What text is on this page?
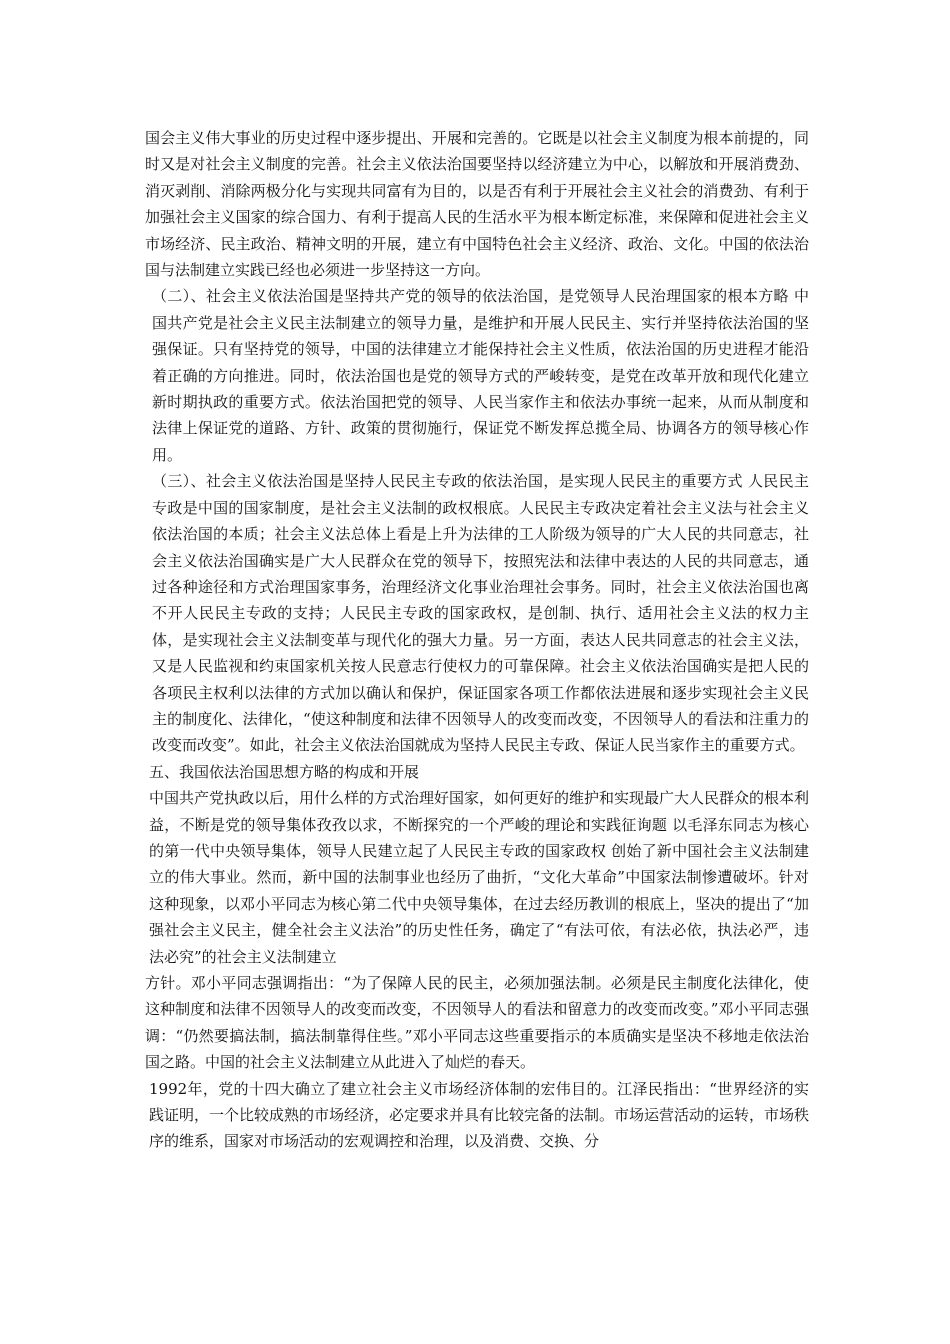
国会主义伟大事业的历史过程中逐步提出、开展和完善的。它既是以社会主义制度为根本前提的，同时又是对社会主义制度的完善。社会主义依法治国要坚持以经济建立为中心，以解放和开展消费劲、消灭剥削、消除两极分化与实现共同富有为目的，以是否有利于开展社会主义社会的消费劲、有利于加强社会主义国家的综合国力、有利于提高人民的生活水平为根本断定标准，来保障和促进社会主义市场经济、民主政治、精神文明的开展，建立有中国特色社会主义经济、政治、文化。中国的依法治国与法制建立实践已经也必须进一步坚持这一方向。

（二）、社会主义依法治国是坚持共产党的领导的依法治国，是党领导人民治理国家的根本方略 中国共产党是社会主义民主法制建立的领导力量，是维护和开展人民民主、实行并坚持依法治国的坚强保证。只有坚持党的领导，中国的法律建立才能保持社会主义性质，依法治国的历史进程才能沿着正确的方向推进。同时，依法治国也是党的领导方式的严峻转变，是党在改革开放和现代化建立新时期执政的重要方式。依法治国把党的领导、人民当家作主和依法办事统一起来，从而从制度和法律上保证党的道路、方针、政策的贯彻施行，保证党不断发挥总揽全局、协调各方的领导核心作用。

（三）、社会主义依法治国是坚持人民民主专政的依法治国，是实现人民民主的重要方式 人民民主专政是中国的国家制度，是社会主义法制的政权根底。人民民主专政决定着社会主义法与社会主义依法治国的本质；社会主义法总体上看是上升为法律的工人阶级为领导的广大人民的共同意志，社会主义依法治国确实是广大人民群众在党的领导下，按照宪法和法律中表达的人民的共同意志，通过各种途径和方式治理国家事务，治理经济文化事业治理社会事务。同时，社会主义依法治国也离不开人民民主专政的支持；人民民主专政的国家政权，是创制、执行、适用社会主义法的权力主体，是实现社会主义法制变革与现代化的强大力量。另一方面，表达人民共同意志的社会主义法，又是人民监视和约束国家机关按人民意志行使权力的可靠保障。社会主义依法治国确实是把人民的各项民主权利以法律的方式加以确认和保护，保证国家各项工作都依法进展和逐步实现社会主义民主的制度化、法律化，“使这种制度和法律不因领导人的改变而改变，不因领导人的看法和注重力的改变而改变”。如此，社会主义依法治国就成为坚持人民民主专政、保证人民当家作主的重要方式。

五、我国依法治国思想方略的构成和开展

中国共产党执政以后，用什么样的方式治理好国家，如何更好的维护和实现最广大人民群众的根本利益，不断是党的领导集体孜孜以求，不断探究的一个严峻的理论和实践征询题 以毛泽东同志为核心的第一代中央领导集体，领导人民建立起了人民民主专政的国家政权 创始了新中国社会主义法制建立的伟大事业。然而，新中国的法制事业也经历了曲折，“文化大革命”中国家法制惨遭破坏。针对这种现象，以邓小平同志为核心第二代中央领导集体，在过去经历教训的根底上，坚决的提出了“加强社会主义民主，健全社会主义法治”的历史性任务，确定了“有法可依，有法必依，执法必严，违法必究”的社会主义法制建立

方针。邓小平同志强调指出：“为了保障人民的民主，必须加强法制。必须是民主制度化法律化，使这种制度和法律不因领导人的改变而改变，不因领导人的看法和留意力的改变而改变。”邓小平同志强调：“仍然要搞法制，搞法制靠得住些。”邓小平同志这些重要指示的本质确实是坚决不移地走依法治国之路。中国的社会主义法制建立从此进入了灿烂的春天。

1992年，党的十四大确立了建立社会主义市场经济体制的宏伟目的。江泽民指出：“世界经济的实践证明，一个比较成熟的市场经济，必定要求并具有比较完备的法制。市场运营活动的运转，市场秩序的维系，国家对市场活动的宏观调控和治理，以及消费、交换、分
